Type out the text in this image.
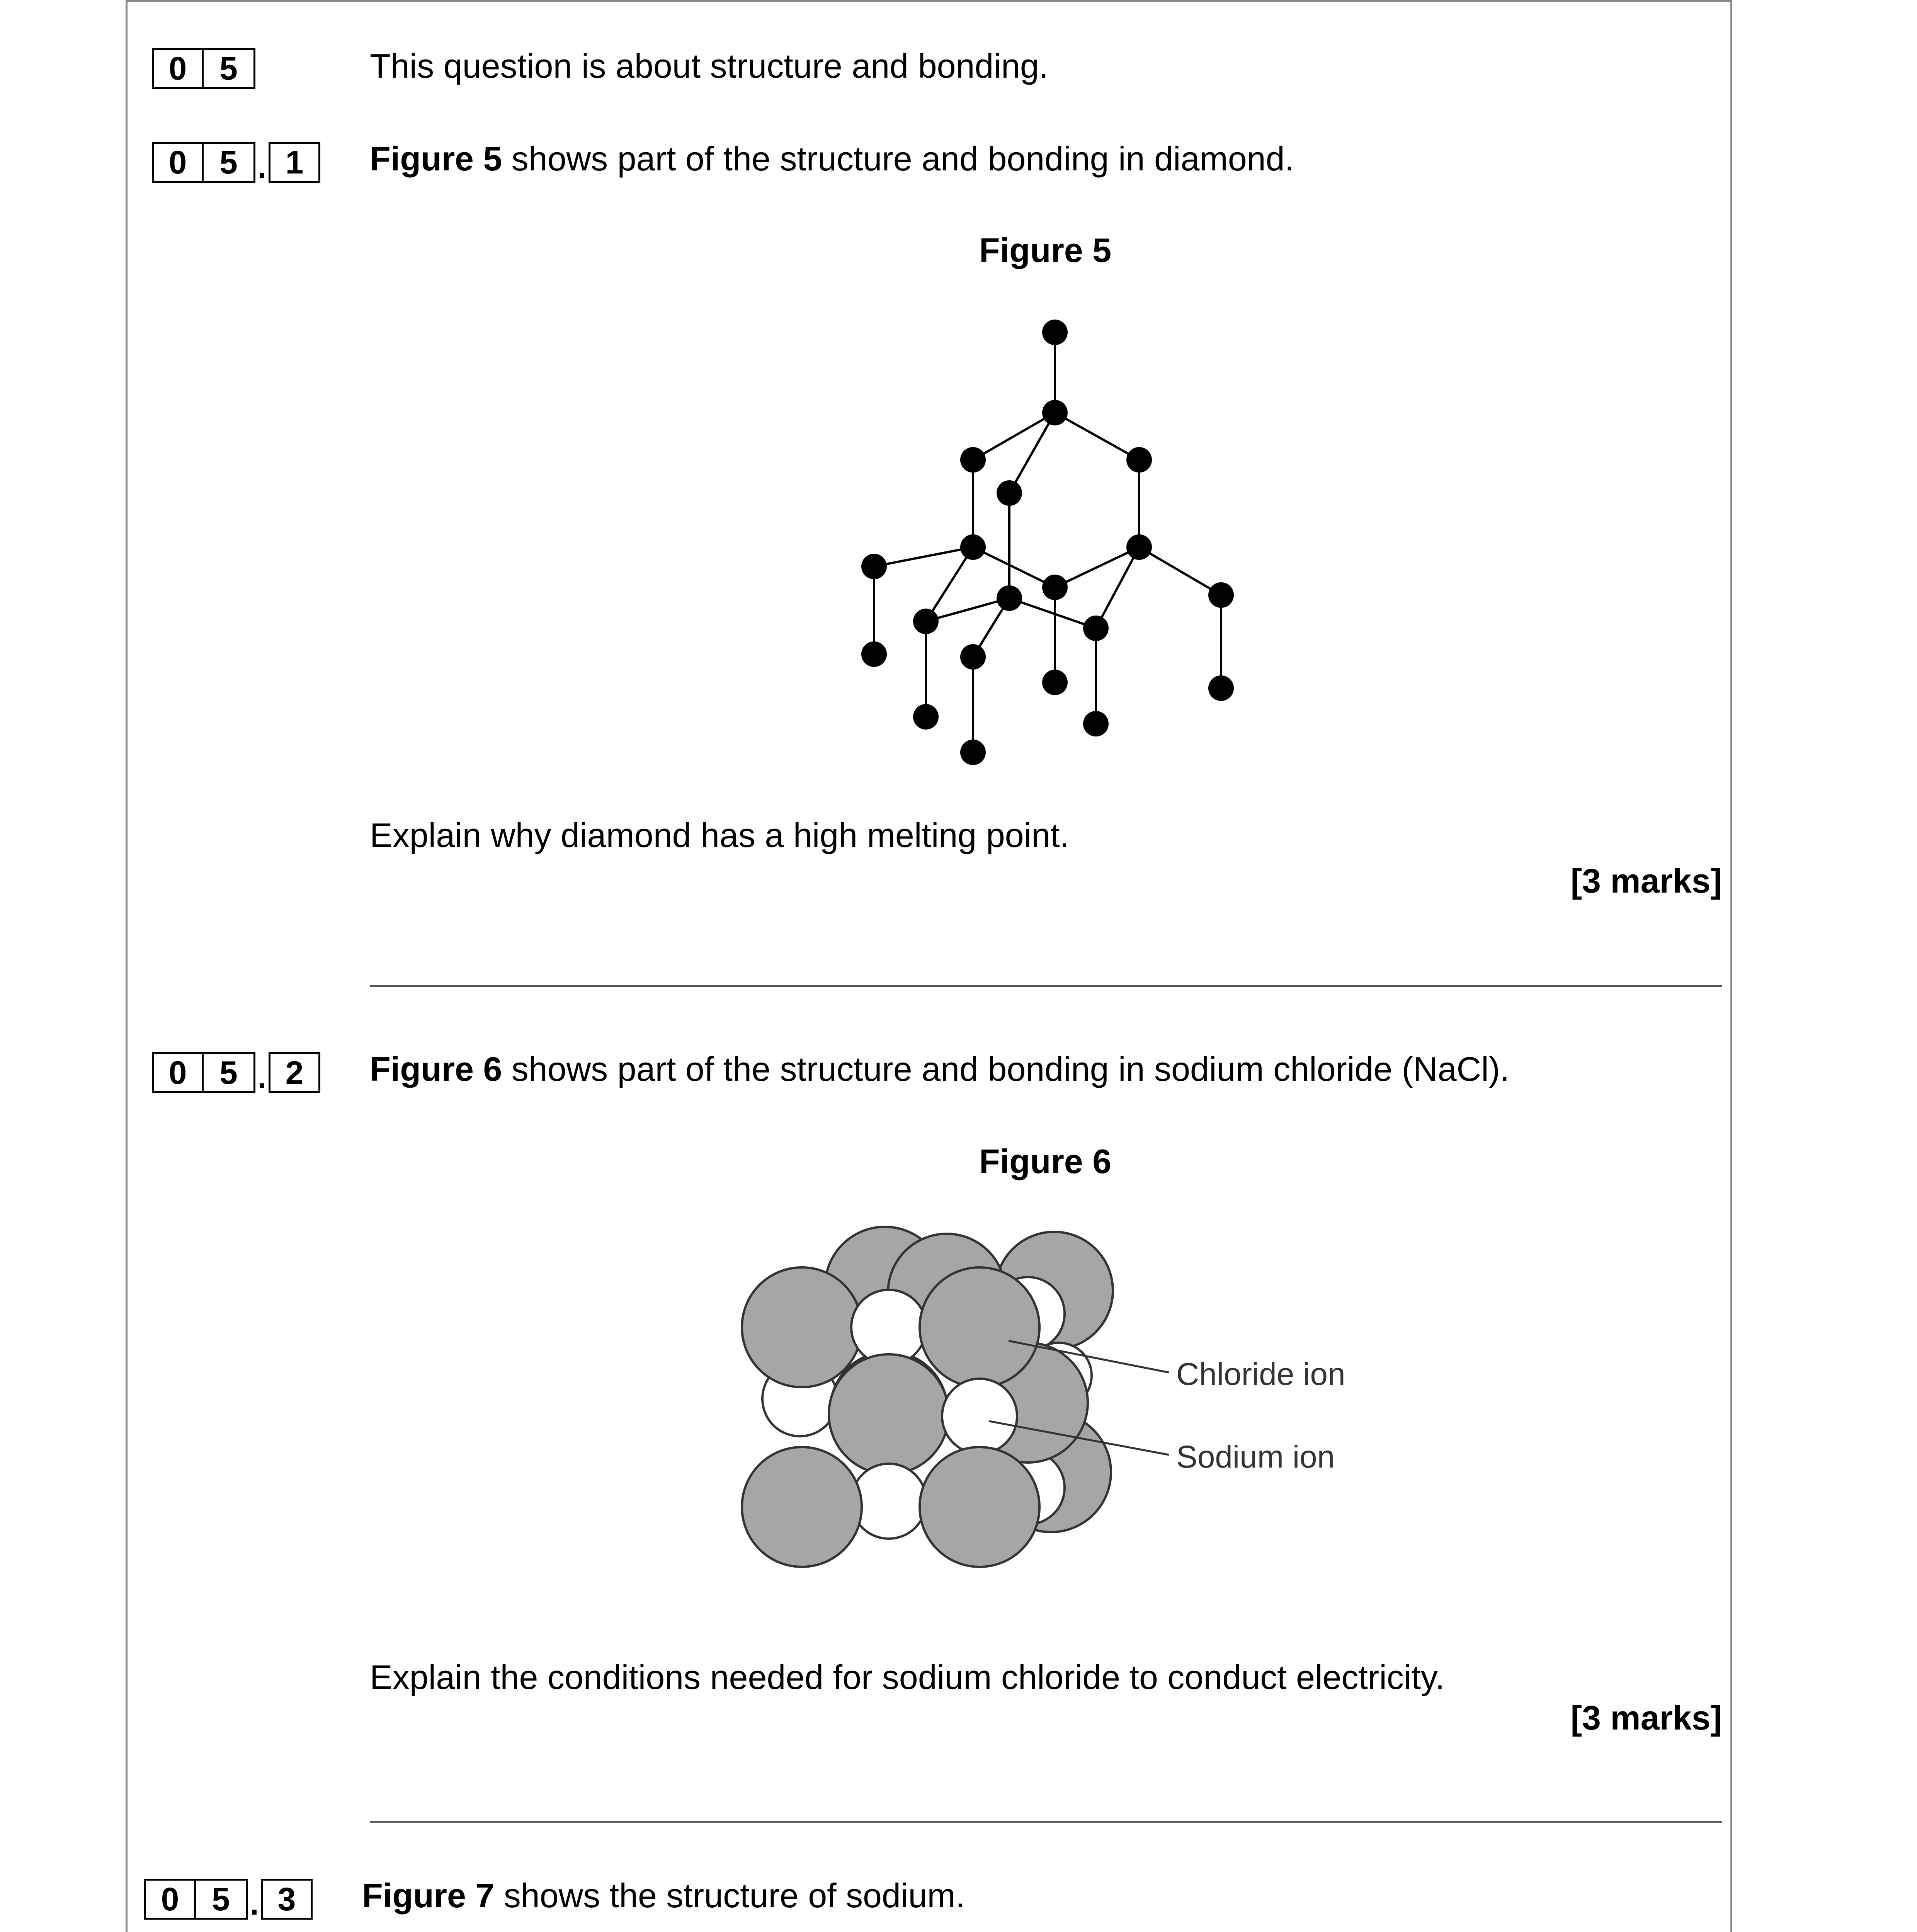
0	5	This question is about structure and bonding.
0	5 . 1	Figure 5 shows part of the structure and bonding in diamond.
Figure 5
Explain why diamond has a high melting point.
[3 marks]
0	5 . 2	Figure 6 shows part of the structure and bonding in sodium chloride (NaCl).
Figure 6
Chloride ion
Sodium ion
Explain the conditions needed for sodium chloride to conduct electricity.
[3 marks]
0	5 . 3	Figure 7 shows the structure of sodium.
